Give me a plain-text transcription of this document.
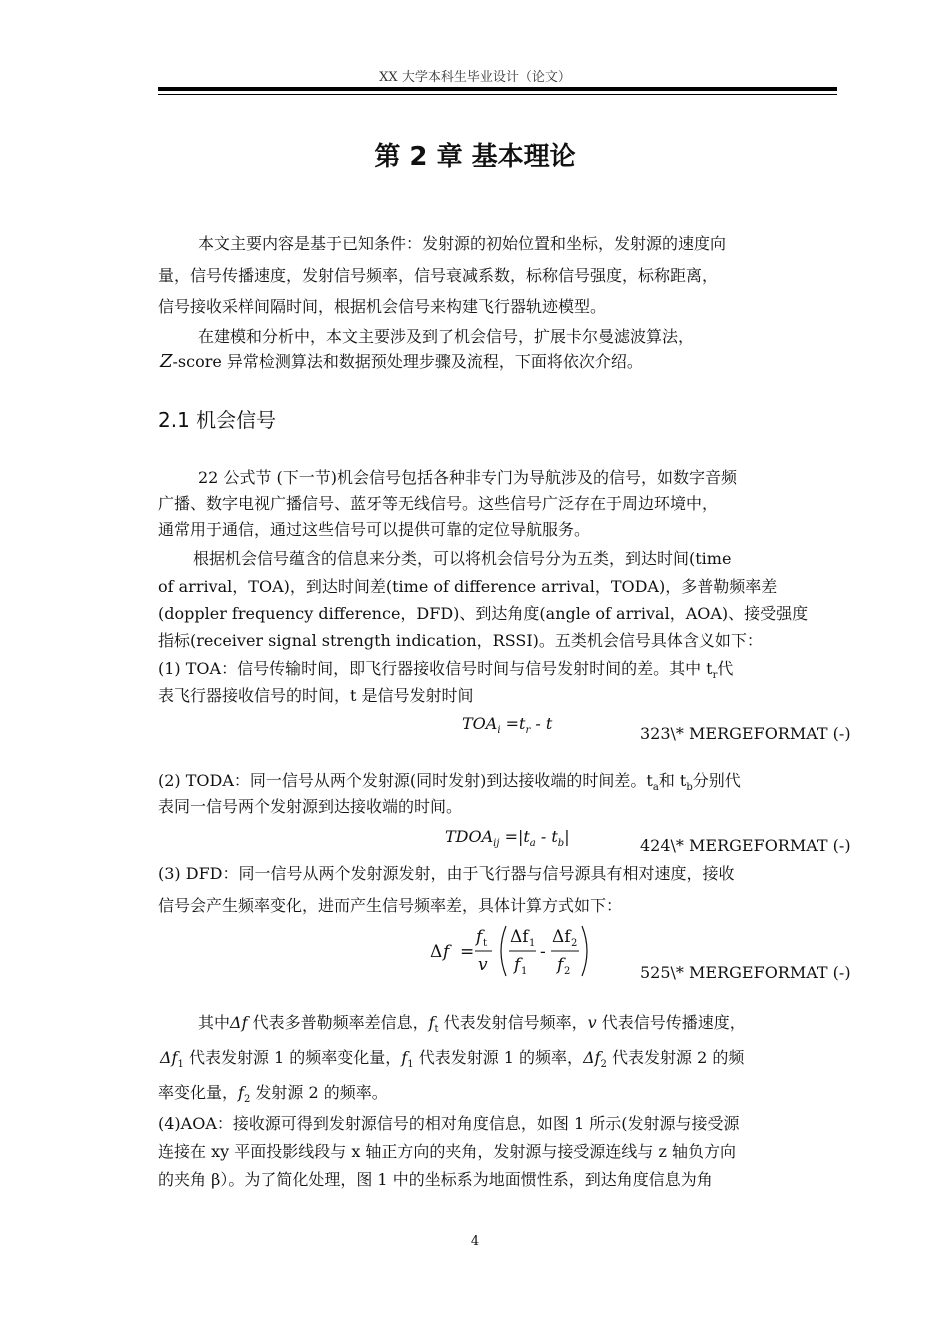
XX 大学本科生毕业设计（论文）
第 2 章 基本理论
本文主要内容是基于已知条件：发射源的初始位置和坐标，发射源的速度向
量，信号传播速度，发射信号频率，信号衰减系数，标称信号强度，标称距离，
信号接收采样间隔时间，根据机会信号来构建飞行器轨迹模型。
在建模和分析中，本文主要涉及到了机会信号，扩展卡尔曼滤波算法，
Z-score 异常检测算法和数据预处理步骤及流程，下面将依次介绍。
2.1 机会信号
22 公式节 (下一节)机会信号包括各种非专门为导航涉及的信号，如数字音频
广播、数字电视广播信号、蓝牙等无线信号。这些信号广泛存在于周边环境中，
通常用于通信，通过这些信号可以提供可靠的定位导航服务。
根据机会信号蕴含的信息来分类，可以将机会信号分为五类，到达时间(time
of arrival，TOA)，到达时间差(time of difference arrival，TODA)，多普勒频率差
(doppler frequency difference，DFD)、到达角度(angle of arrival，AOA)、接受强度
指标(receiver signal strength indication，RSSI)。五类机会信号具体含义如下：
(1) TOA：信号传输时间，即飞行器接收信号时间与信号发射时间的差。其中 $t_r$代
表飞行器接收信号的时间，t 是信号发射时间
$TOA_i =t_r - t$
323\* MERGEFORMAT (-)
(2) TODA：同一信号从两个发射源(同时发射)到达接收端的时间差。$t_a$和 $t_b$分别代
表同一信号两个发射源到达接收端的时间。
$TDOA_{ij} =|t_a - t_b|$	424\* MERGEFORMAT (-)
(3) DFD：同一信号从两个发射源发射，由于飞行器与信号源具有相对速度，接收
信号会产生频率变化，进而产生信号频率差，具体计算方式如下：
Δ f =
f t
v
Δf 1
f 1
-
Δf 2
f 2	525\* MERGEFORMAT (-)
其中Δf 代表多普勒频率差信息，$f_t$ 代表发射信号频率，v 代表信号传播速度，
$\Delta f_1$ 代表发射源 1 的频率变化量，$f_1$ 代表发射源 1 的频率，$\Delta f_2$ 代表发射源 2 的频
率变化量，$f_2$ 发射源 2 的频率。
(4)AOA：接收源可得到发射源信号的相对角度信息，如图 1 所示(发射源与接受源
连接在 xy 平面投影线段与 x 轴正方向的夹角，发射源与接受源连线与 z 轴负方向
的夹角 β）。为了简化处理，图 1 中的坐标系为地面惯性系，到达角度信息为角
4
